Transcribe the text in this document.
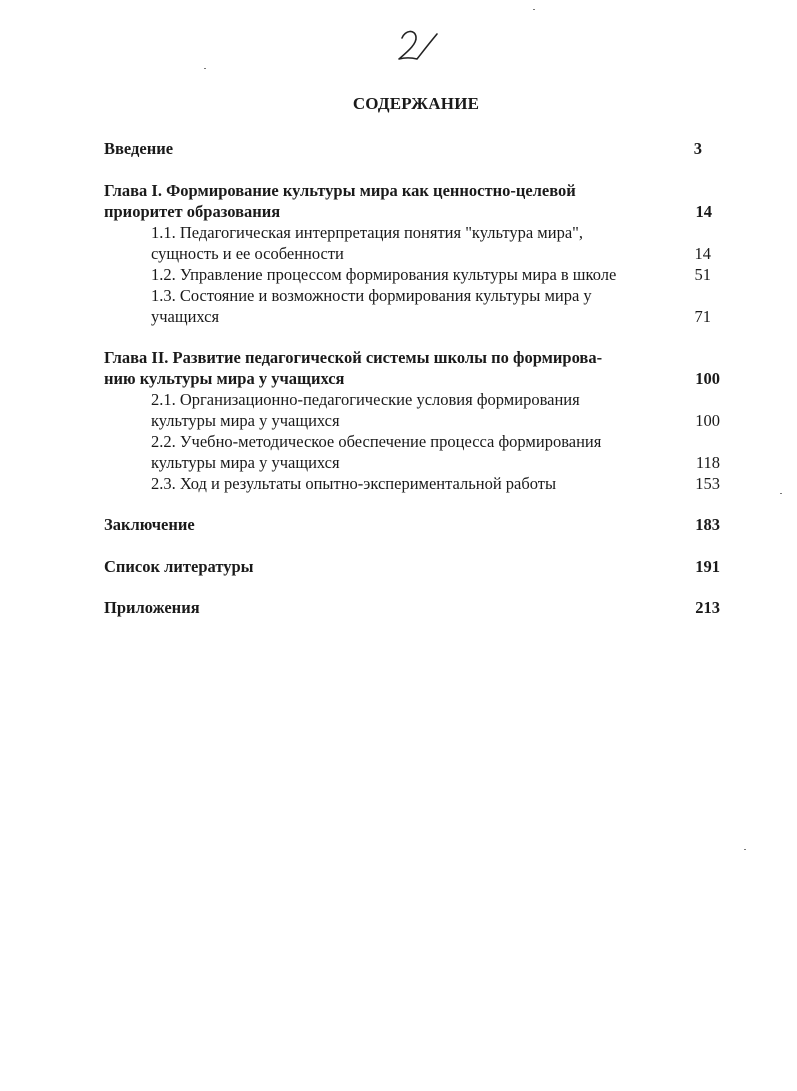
СОДЕРЖАНИЕ
Введение	3
Глава I. Формирование культуры мира как ценностно-целевой
приоритет образования	14
1.1. Педагогическая интерпретация понятия "культура мира",
сущность и ее особенности	14
1.2. Управление процессом формирования культуры мира в школе	51
1.3. Состояние и возможности формирования культуры мира у
учащихся	71
Глава II. Развитие педагогической системы школы по формирова-
нию культуры мира у учащихся	100
2.1. Организационно-педагогические условия формирования
культуры мира у учащихся	100
2.2. Учебно-методическое обеспечение процесса формирования
культуры мира у учащихся	118
2.3. Ход и результаты опытно-экспериментальной работы	153
Заключение	183
Список литературы	191
Приложения	213
